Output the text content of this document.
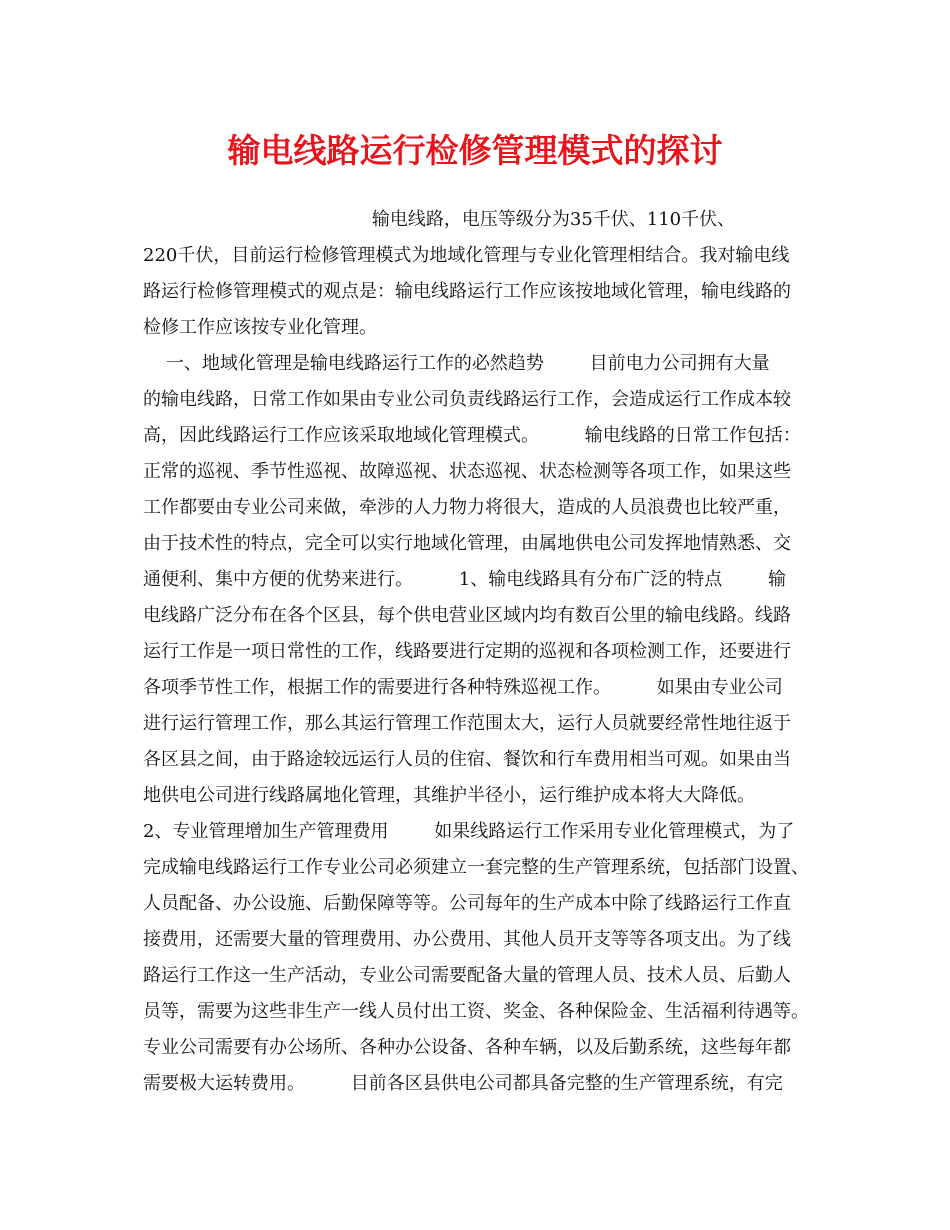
输电线路运行检修管理模式的探讨
输电线路，电压等级分为35千伏、110千伏、
220千伏，目前运行检修管理模式为地域化管理与专业化管理相结合。我对输电线
路运行检修管理模式的观点是：输电线路运行工作应该按地域化管理，输电线路的
检修工作应该按专业化管理。
一、地域化管理是输电线路运行工作的必然趋势        目前电力公司拥有大量
的输电线路，日常工作如果由专业公司负责线路运行工作，会造成运行工作成本较
高，因此线路运行工作应该采取地域化管理模式。        输电线路的日常工作包括：
正常的巡视、季节性巡视、故障巡视、状态巡视、状态检测等各项工作，如果这些
工作都要由专业公司来做，牵涉的人力物力将很大，造成的人员浪费也比较严重，
由于技术性的特点，完全可以实行地域化管理，由属地供电公司发挥地情熟悉、交
通便利、集中方便的优势来进行。        1、输电线路具有分布广泛的特点        输
电线路广泛分布在各个区县，每个供电营业区域内均有数百公里的输电线路。线路
运行工作是一项日常性的工作，线路要进行定期的巡视和各项检测工作，还要进行
各项季节性工作，根据工作的需要进行各种特殊巡视工作。        如果由专业公司
进行运行管理工作，那么其运行管理工作范围太大，运行人员就要经常性地往返于
各区县之间，由于路途较远运行人员的住宿、餐饮和行车费用相当可观。如果由当
地供电公司进行线路属地化管理，其维护半径小，运行维护成本将大大降低。
2、专业管理增加生产管理费用        如果线路运行工作采用专业化管理模式，为了
完成输电线路运行工作专业公司必须建立一套完整的生产管理系统，包括部门设置、
人员配备、办公设施、后勤保障等等。公司每年的生产成本中除了线路运行工作直
接费用，还需要大量的管理费用、办公费用、其他人员开支等等各项支出。为了线
路运行工作这一生产活动，专业公司需要配备大量的管理人员、技术人员、后勤人
员等，需要为这些非生产一线人员付出工资、奖金、各种保险金、生活福利待遇等。
专业公司需要有办公场所、各种办公设备、各种车辆，以及后勤系统，这些每年都
需要极大运转费用。        目前各区县供电公司都具备完整的生产管理系统，有完
